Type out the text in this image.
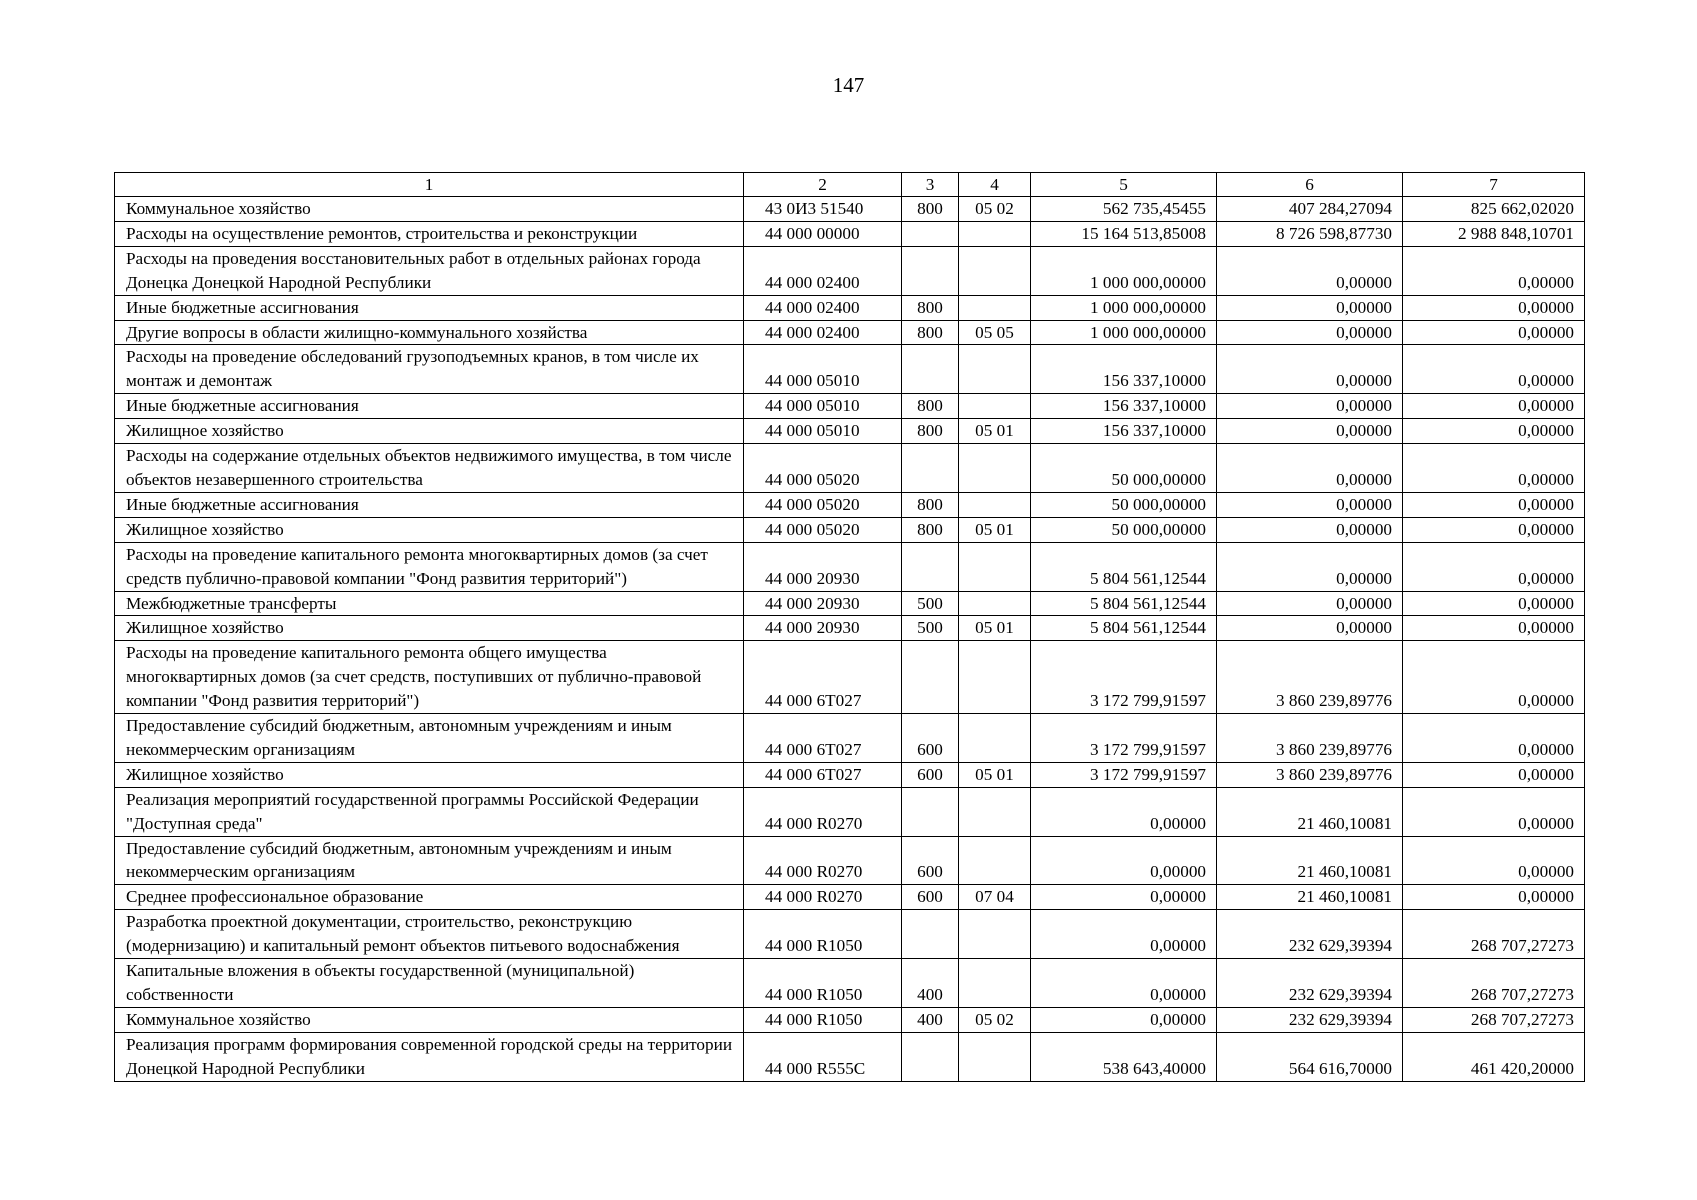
147
1	2	3	4	5	6	7
Коммунальное хозяйство	43 0И3 51540	800	05 02	562 735,45455	407 284,27094	825 662,02020
Расходы на осуществление ремонтов, строительства и реконструкции	44 000 00000			15 164 513,85008	8 726 598,87730	2 988 848,10701
Расходы на проведения восстановительных работ в отдельных районах города Донецка Донецкой Народной Республики	44 000 02400			1 000 000,00000	0,00000	0,00000
Иные бюджетные ассигнования	44 000 02400	800		1 000 000,00000	0,00000	0,00000
Другие вопросы в области жилищно-коммунального хозяйства	44 000 02400	800	05 05	1 000 000,00000	0,00000	0,00000
Расходы на проведение обследований грузоподъемных кранов, в том числе их монтаж и демонтаж	44 000 05010			156 337,10000	0,00000	0,00000
Иные бюджетные ассигнования	44 000 05010	800		156 337,10000	0,00000	0,00000
Жилищное хозяйство	44 000 05010	800	05 01	156 337,10000	0,00000	0,00000
Расходы на содержание отдельных объектов недвижимого имущества, в том числе объектов незавершенного строительства	44 000 05020			50 000,00000	0,00000	0,00000
Иные бюджетные ассигнования	44 000 05020	800		50 000,00000	0,00000	0,00000
Жилищное хозяйство	44 000 05020	800	05 01	50 000,00000	0,00000	0,00000
Расходы на проведение капитального ремонта многоквартирных домов (за счет средств публично-правовой компании "Фонд развития территорий")	44 000 20930			5 804 561,12544	0,00000	0,00000
Межбюджетные трансферты	44 000 20930	500		5 804 561,12544	0,00000	0,00000
Жилищное хозяйство	44 000 20930	500	05 01	5 804 561,12544	0,00000	0,00000
Расходы на проведение капитального ремонта общего имущества многоквартирных домов (за счет средств, поступивших от публично-правовой компании "Фонд развития территорий")	44 000 6Т027			3 172 799,91597	3 860 239,89776	0,00000
Предоставление субсидий бюджетным, автономным учреждениям и иным некоммерческим организациям	44 000 6Т027	600		3 172 799,91597	3 860 239,89776	0,00000
Жилищное хозяйство	44 000 6Т027	600	05 01	3 172 799,91597	3 860 239,89776	0,00000
Реализация мероприятий государственной программы Российской Федерации "Доступная среда"	44 000 R0270			0,00000	21 460,10081	0,00000
Предоставление субсидий бюджетным, автономным учреждениям и иным некоммерческим организациям	44 000 R0270	600		0,00000	21 460,10081	0,00000
Среднее профессиональное образование	44 000 R0270	600	07 04	0,00000	21 460,10081	0,00000
Разработка проектной документации, строительство, реконструкцию (модернизацию) и капитальный ремонт объектов питьевого водоснабжения	44 000 R1050			0,00000	232 629,39394	268 707,27273
Капитальные вложения в объекты государственной (муниципальной) собственности	44 000 R1050	400		0,00000	232 629,39394	268 707,27273
Коммунальное хозяйство	44 000 R1050	400	05 02	0,00000	232 629,39394	268 707,27273
Реализация программ формирования современной городской среды на территории Донецкой Народной Республики	44 000 R555С			538 643,40000	564 616,70000	461 420,20000
